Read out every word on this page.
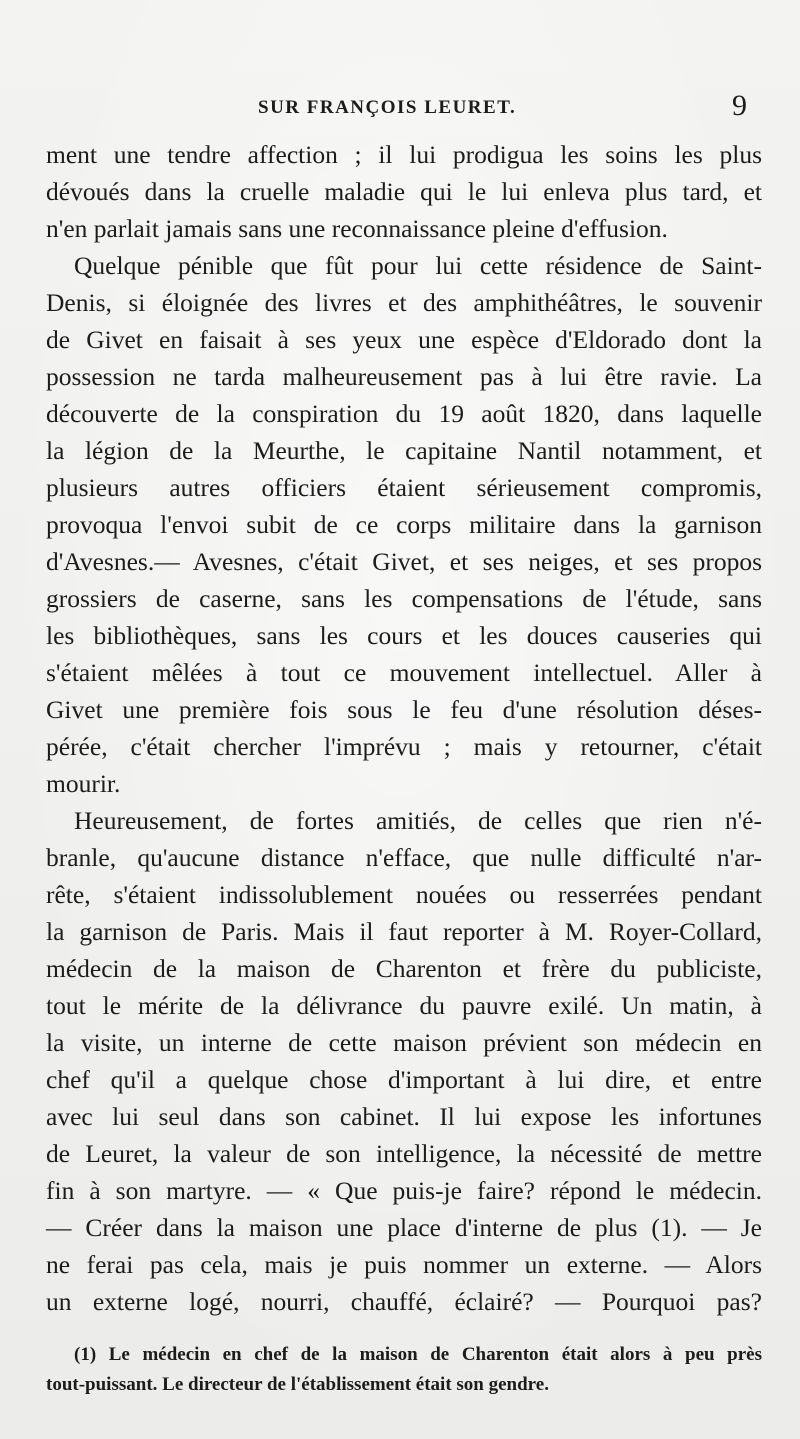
SUR FRANÇOIS LEURET.	9
ment une tendre affection ; il lui prodigua les soins les plus
dévoués dans la cruelle maladie qui le lui enleva plus tard, et
n'en parlait jamais sans une reconnaissance pleine d'effusion.
Quelque pénible que fût pour lui cette résidence de Saint-
Denis, si éloignée des livres et des amphithéâtres, le souvenir
de Givet en faisait à ses yeux une espèce d'Eldorado dont la
possession ne tarda malheureusement pas à lui être ravie. La
découverte de la conspiration du 19 août 1820, dans laquelle
la légion de la Meurthe, le capitaine Nantil notamment, et
plusieurs autres officiers étaient sérieusement compromis,
provoqua l'envoi subit de ce corps militaire dans la garnison
d'Avesnes.— Avesnes, c'était Givet, et ses neiges, et ses propos
grossiers de caserne, sans les compensations de l'étude, sans
les bibliothèques, sans les cours et les douces causeries qui
s'étaient mêlées à tout ce mouvement intellectuel. Aller à
Givet une première fois sous le feu d'une résolution déses-
pérée, c'était chercher l'imprévu ; mais y retourner, c'était
mourir.
Heureusement, de fortes amitiés, de celles que rien n'é-
branle, qu'aucune distance n'efface, que nulle difficulté n'ar-
rête, s'étaient indissolublement nouées ou resserrées pendant
la garnison de Paris. Mais il faut reporter à M. Royer-Collard,
médecin de la maison de Charenton et frère du publiciste,
tout le mérite de la délivrance du pauvre exilé. Un matin, à
la visite, un interne de cette maison prévient son médecin en
chef qu'il a quelque chose d'important à lui dire, et entre
avec lui seul dans son cabinet. Il lui expose les infortunes
de Leuret, la valeur de son intelligence, la nécessité de mettre
fin à son martyre. — « Que puis-je faire? répond le médecin.
— Créer dans la maison une place d'interne de plus (1). — Je
ne ferai pas cela, mais je puis nommer un externe. — Alors
un externe logé, nourri, chauffé, éclairé? — Pourquoi pas?
(1) Le médecin en chef de la maison de Charenton était alors à peu près
tout-puissant. Le directeur de l'établissement était son gendre.
